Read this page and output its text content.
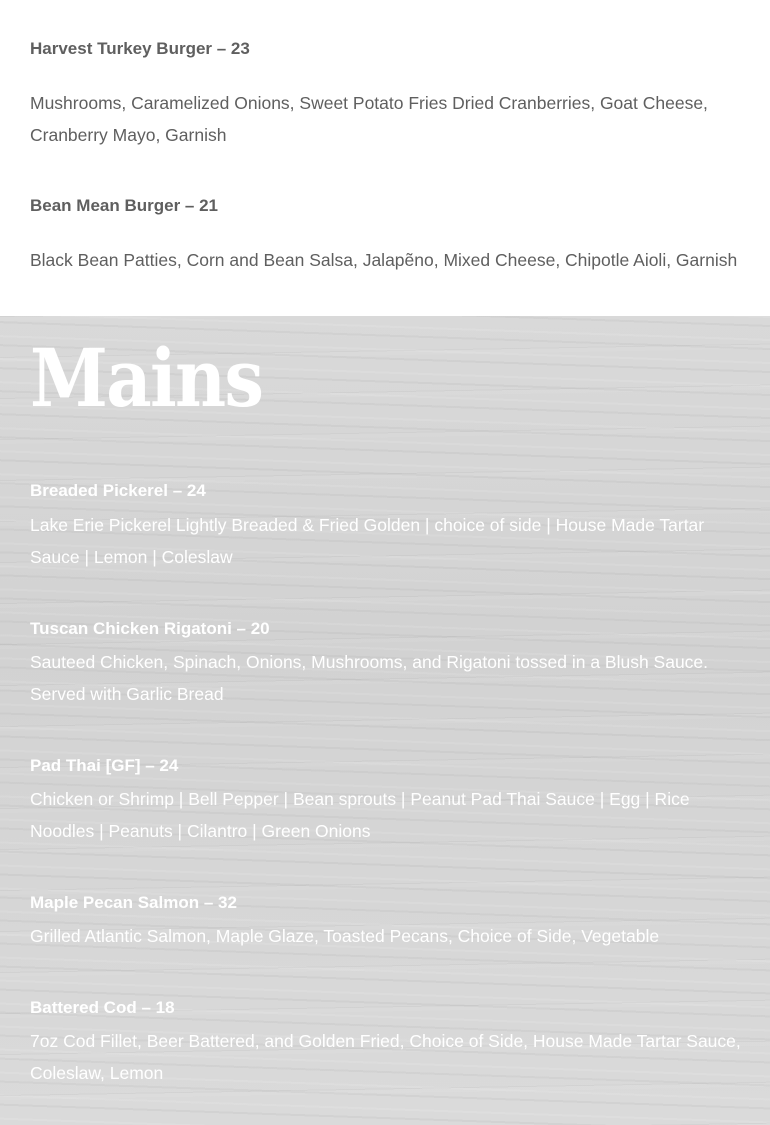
Harvest Turkey Burger – 23

Mushrooms, Caramelized Onions, Sweet Potato Fries Dried Cranberries, Goat Cheese, Cranberry Mayo, Garnish

Bean Mean Burger – 21

Black Bean Patties, Corn and Bean Salsa, Jalapẽno, Mixed Cheese, Chipotle Aioli, Garnish

Mains

Breaded Pickerel – 24

Lake Erie Pickerel Lightly Breaded & Fried Golden | choice of side | House Made Tartar Sauce | Lemon | Coleslaw

Tuscan Chicken Rigatoni – 20

Sauteed Chicken, Spinach, Onions, Mushrooms, and Rigatoni tossed in a Blush Sauce. Served with Garlic Bread

Pad Thai [GF] – 24

Chicken or Shrimp | Bell Pepper | Bean sprouts | Peanut Pad Thai Sauce | Egg | Rice Noodles | Peanuts | Cilantro | Green Onions

Maple Pecan Salmon – 32

Grilled Atlantic Salmon, Maple Glaze, Toasted Pecans, Choice of Side, Vegetable

Battered Cod – 18

7oz Cod Fillet, Beer Battered, and Golden Fried, Choice of Side, House Made Tartar Sauce, Coleslaw, Lemon
